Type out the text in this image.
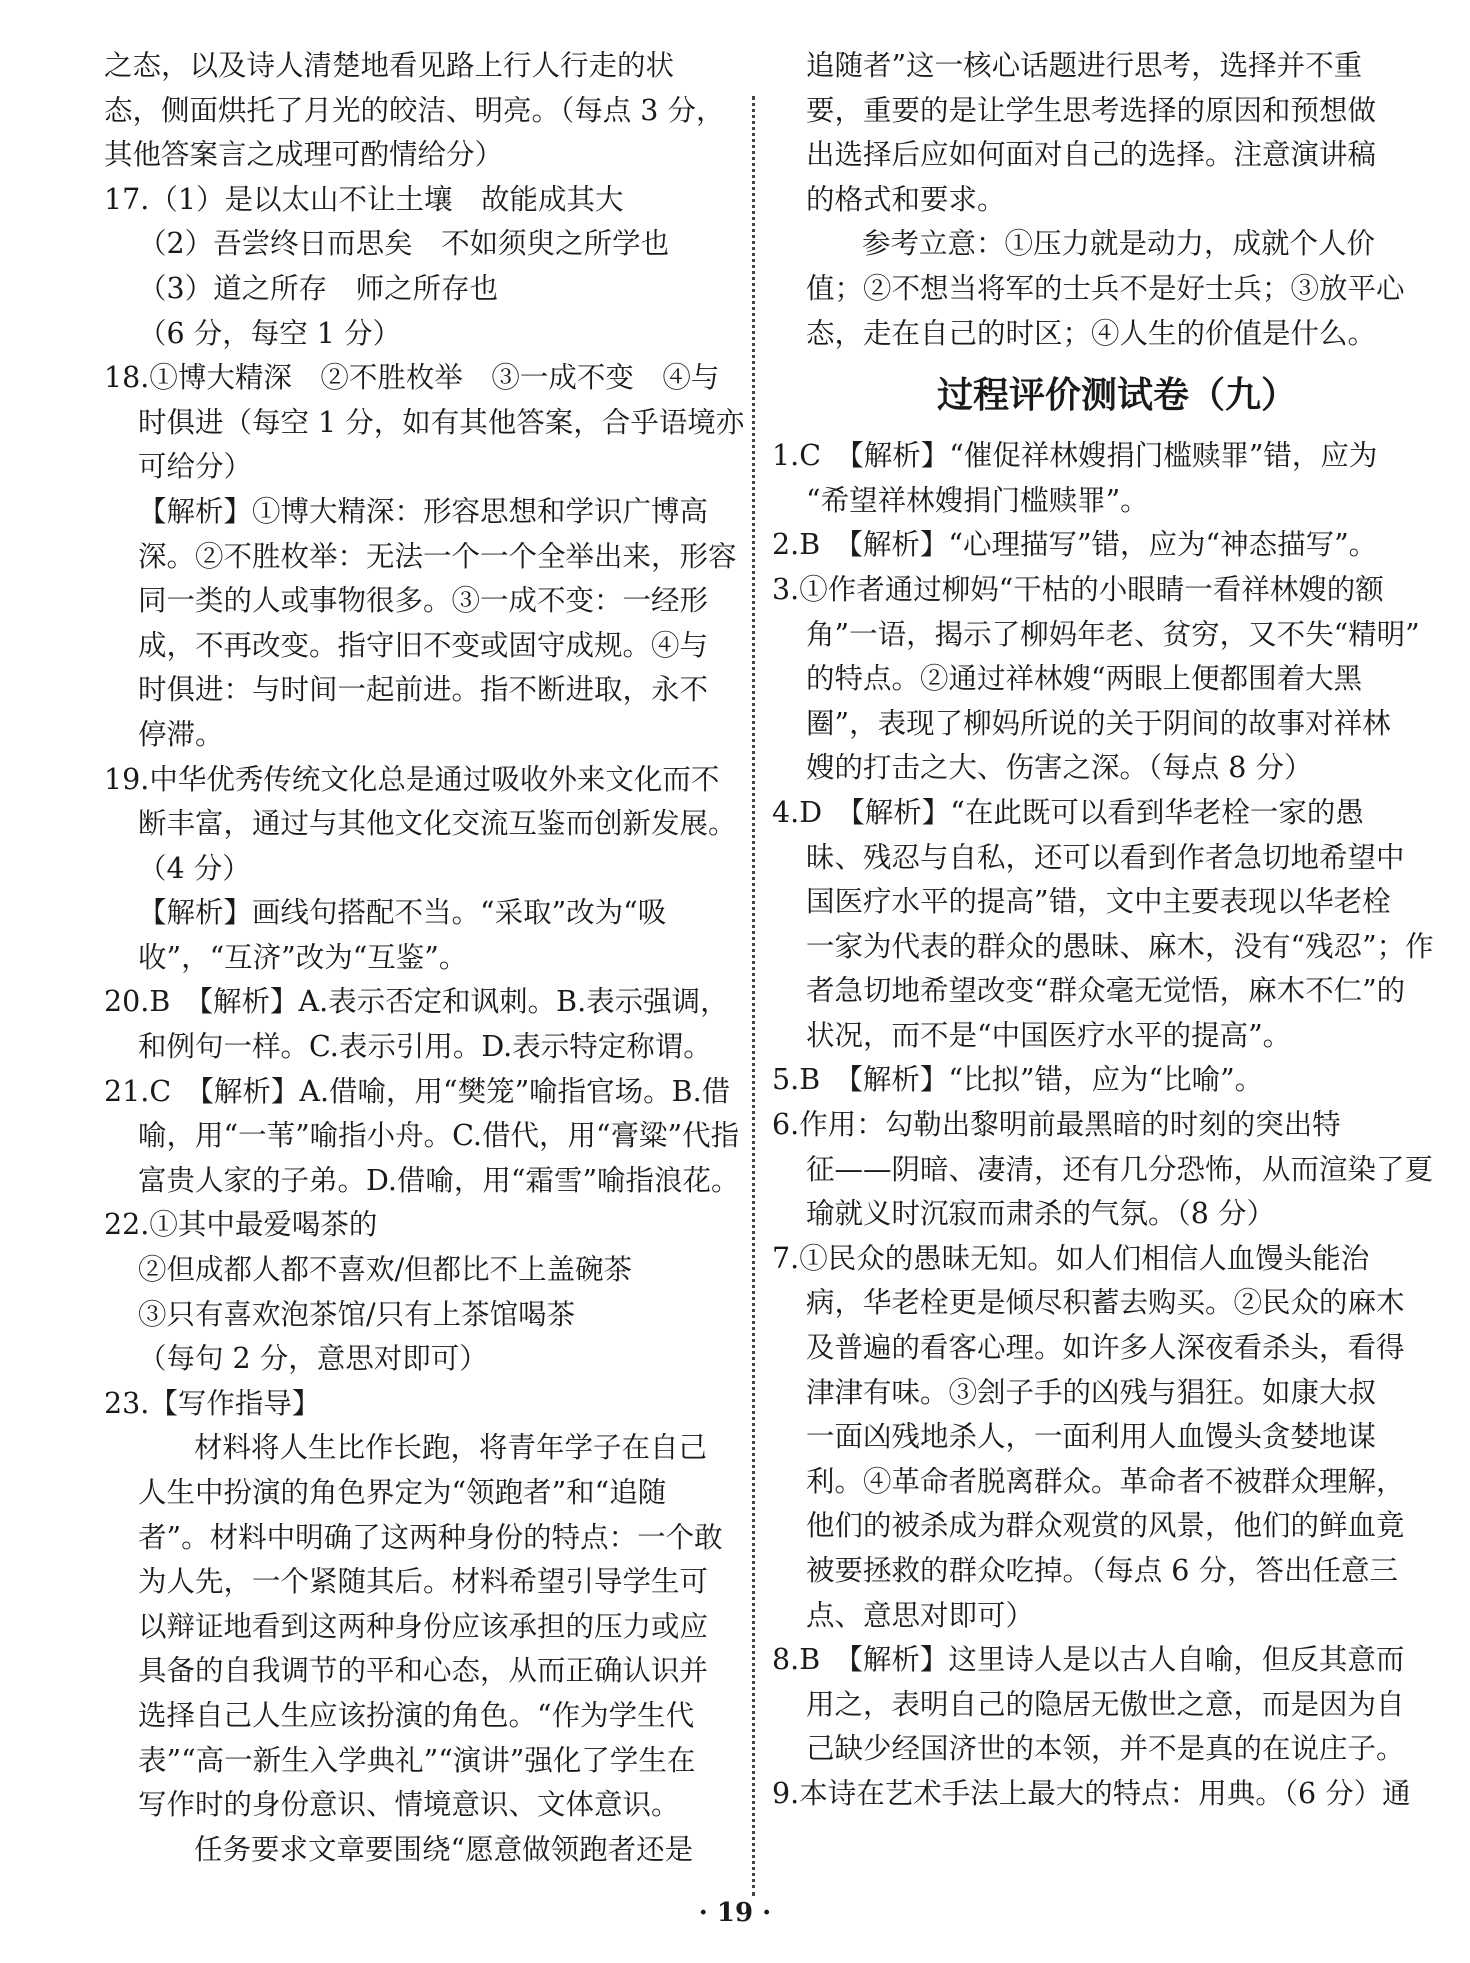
之态，以及诗人清楚地看见路上行人行走的状

态，侧面烘托了月光的皎洁、明亮。（每点 3 分，

其他答案言之成理可酌情给分）

17.（1）是以太山不让土壤　故能成其大

（2）吾尝终日而思矣　不如须臾之所学也

（3）道之所存　师之所存也

（6 分，每空 1 分）

18.①博大精深　②不胜枚举　③一成不变　④与

时俱进（每空 1 分，如有其他答案，合乎语境亦

可给分）

【解析】①博大精深：形容思想和学识广博高

深。②不胜枚举：无法一个一个全举出来，形容

同一类的人或事物很多。③一成不变：一经形

成，不再改变。指守旧不变或固守成规。④与

时俱进：与时间一起前进。指不断进取，永不

停滞。

19.中华优秀传统文化总是通过吸收外来文化而不

断丰富，通过与其他文化交流互鉴而创新发展。

（4 分）

【解析】画线句搭配不当。“采取”改为“吸

收”，“互济”改为“互鉴”。

20.B　【解析】A.表示否定和讽刺。B.表示强调，

和例句一样。C.表示引用。D.表示特定称谓。

21.C　【解析】A.借喻，用“樊笼”喻指官场。B.借

喻，用“一苇”喻指小舟。C.借代，用“膏粱”代指

富贵人家的子弟。D.借喻，用“霜雪”喻指浪花。

22.①其中最爱喝茶的

②但成都人都不喜欢/但都比不上盖碗茶

③只有喜欢泡茶馆/只有上茶馆喝茶

（每句 2 分，意思对即可）

23.【写作指导】

材料将人生比作长跑，将青年学子在自己

人生中扮演的角色界定为“领跑者”和“追随

者”。材料中明确了这两种身份的特点：一个敢

为人先，一个紧随其后。材料希望引导学生可

以辩证地看到这两种身份应该承担的压力或应

具备的自我调节的平和心态，从而正确认识并

选择自己人生应该扮演的角色。“作为学生代

表”“高一新生入学典礼”“演讲”强化了学生在

写作时的身份意识、情境意识、文体意识。

任务要求文章要围绕“愿意做领跑者还是

追随者”这一核心话题进行思考，选择并不重

要，重要的是让学生思考选择的原因和预想做

出选择后应如何面对自己的选择。注意演讲稿

的格式和要求。

参考立意：①压力就是动力，成就个人价

值；②不想当将军的士兵不是好士兵；③放平心

态，走在自己的时区；④人生的价值是什么。

过程评价测试卷（九）

1.C　【解析】“催促祥林嫂捐门槛赎罪”错，应为

“希望祥林嫂捐门槛赎罪”。

2.B　【解析】“心理描写”错，应为“神态描写”。

3.①作者通过柳妈“干枯的小眼睛一看祥林嫂的额

角”一语，揭示了柳妈年老、贫穷，又不失“精明”

的特点。②通过祥林嫂“两眼上便都围着大黑

圈”，表现了柳妈所说的关于阴间的故事对祥林

嫂的打击之大、伤害之深。（每点 8 分）

4.D　【解析】“在此既可以看到华老栓一家的愚

昧、残忍与自私，还可以看到作者急切地希望中

国医疗水平的提高”错，文中主要表现以华老栓

一家为代表的群众的愚昧、麻木，没有“残忍”；作

者急切地希望改变“群众毫无觉悟，麻木不仁”的

状况，而不是“中国医疗水平的提高”。

5.B　【解析】“比拟”错，应为“比喻”。

6.作用：勾勒出黎明前最黑暗的时刻的突出特

征——阴暗、凄清，还有几分恐怖，从而渲染了夏

瑜就义时沉寂而肃杀的气氛。（8 分）

7.①民众的愚昧无知。如人们相信人血馒头能治

病，华老栓更是倾尽积蓄去购买。②民众的麻木

及普遍的看客心理。如许多人深夜看杀头，看得

津津有味。③刽子手的凶残与猖狂。如康大叔

一面凶残地杀人，一面利用人血馒头贪婪地谋

利。④革命者脱离群众。革命者不被群众理解，

他们的被杀成为群众观赏的风景，他们的鲜血竟

被要拯救的群众吃掉。（每点 6 分，答出任意三

点、意思对即可）

8.B　【解析】这里诗人是以古人自喻，但反其意而

用之，表明自己的隐居无傲世之意，而是因为自

己缺少经国济世的本领，并不是真的在说庄子。

9.本诗在艺术手法上最大的特点：用典。（6 分）通

· 19 ·
